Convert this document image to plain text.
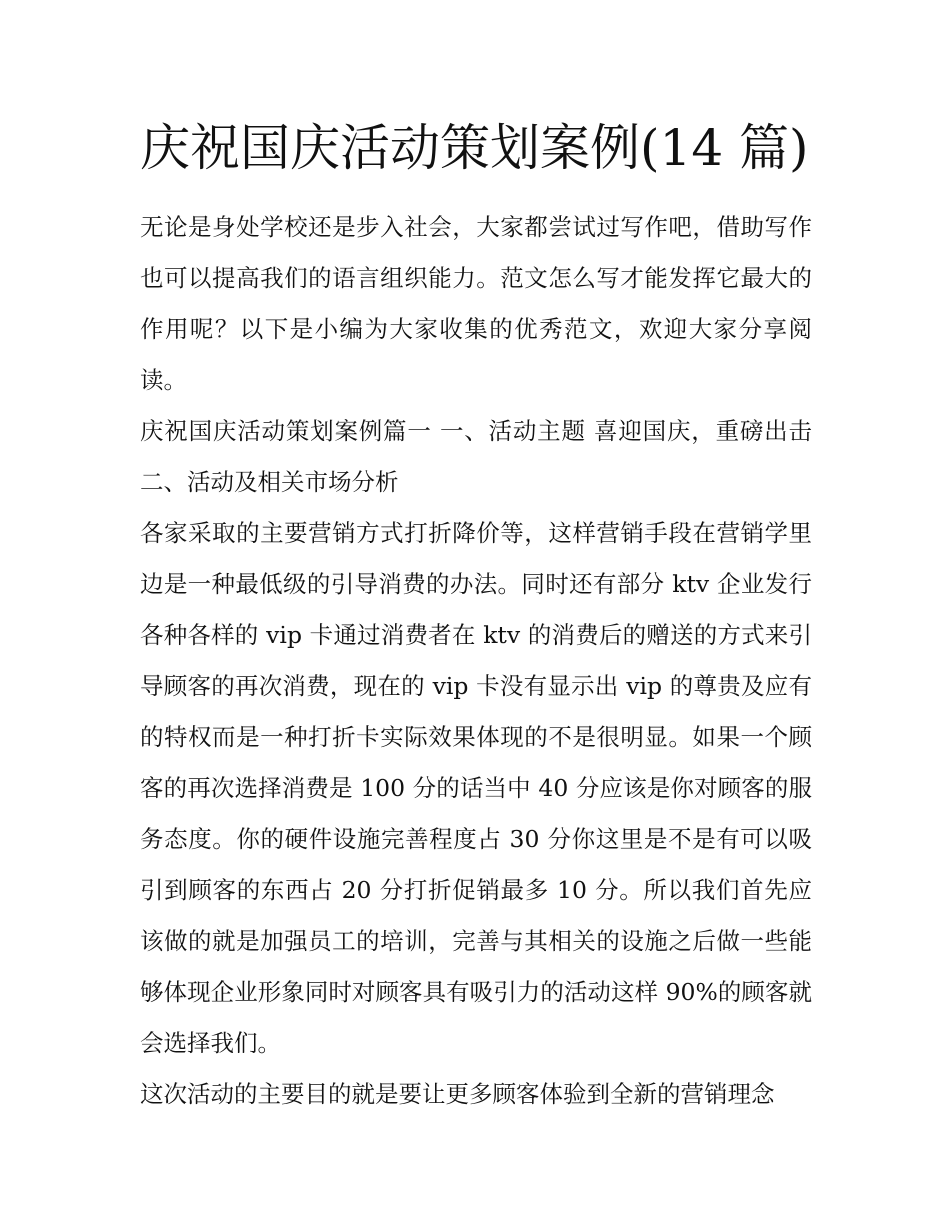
庆祝国庆活动策划案例(14 篇)

无论是身处学校还是步入社会，大家都尝试过写作吧，借助写作也可以提高我们的语言组织能力。范文怎么写才能发挥它最大的作用呢？以下是小编为大家收集的优秀范文，欢迎大家分享阅读。

庆祝国庆活动策划案例篇一 一、活动主题 喜迎国庆，重磅出击 二、活动及相关市场分析

各家采取的主要营销方式打折降价等，这样营销手段在营销学里边是一种最低级的引导消费的办法。同时还有部分 ktv 企业发行各种各样的 vip 卡通过消费者在 ktv 的消费后的赠送的方式来引导顾客的再次消费，现在的 vip 卡没有显示出 vip 的尊贵及应有的特权而是一种打折卡实际效果体现的不是很明显。如果一个顾客的再次选择消费是 100 分的话当中 40 分应该是你对顾客的服务态度。你的硬件设施完善程度占 30 分你这里是不是有可以吸引到顾客的东西占 20 分打折促销最多 10 分。所以我们首先应该做的就是加强员工的培训，完善与其相关的设施之后做一些能够体现企业形象同时对顾客具有吸引力的活动这样 90%的顾客就会选择我们。

这次活动的主要目的就是要让更多顾客体验到全新的营销理念
